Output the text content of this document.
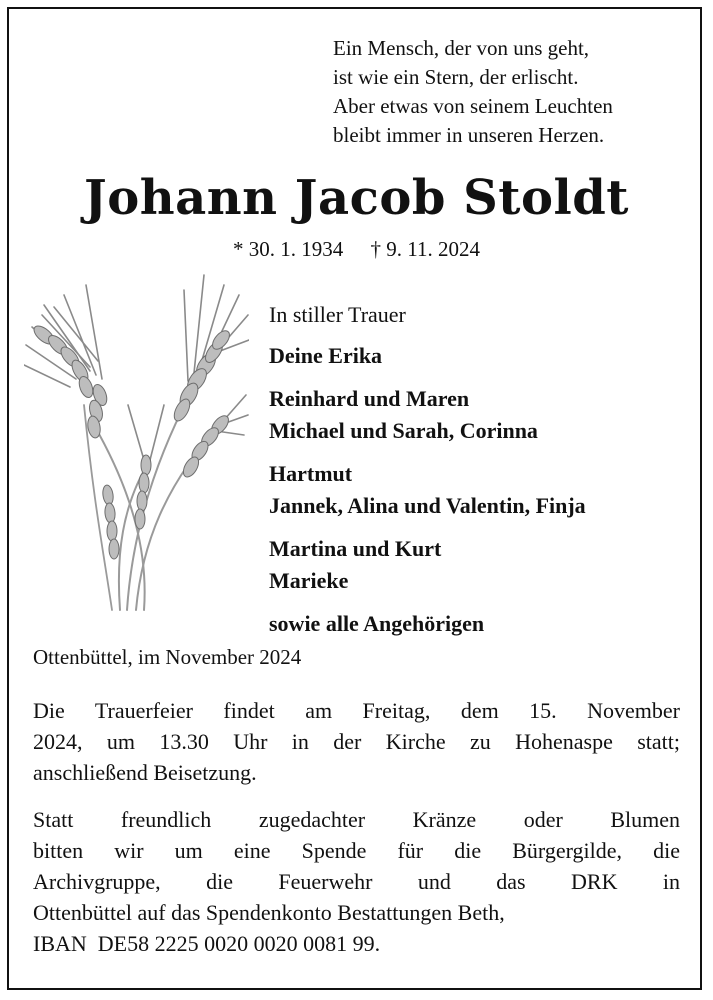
Ein Mensch, der von uns geht,
ist wie ein Stern, der erlischt.
Aber etwas von seinem Leuchten
bleibt immer in unseren Herzen.
Johann Jacob Stoldt
* 30. 1. 1934 † 9. 11. 2024
In stiller Trauer
Deine Erika
Reinhard und Maren
Michael und Sarah, Corinna
Hartmut
Jannek, Alina und Valentin, Finja
Martina und Kurt
Marieke
sowie alle Angehörigen
Ottenbüttel, im November 2024
Die Trauerfeier findet am Freitag, dem 15. November
2024, um 13.30 Uhr in der Kirche zu Hohenaspe statt;
anschließend Beisetzung.
Statt freundlich zugedachter Kränze oder Blumen
bitten wir um eine Spende für die Bürgergilde, die
Archivgruppe, die Feuerwehr und das DRK in
Ottenbüttel auf das Spendenkonto Bestattungen Beth,
IBAN  DE58 2225 0020 0020 0081 99.
